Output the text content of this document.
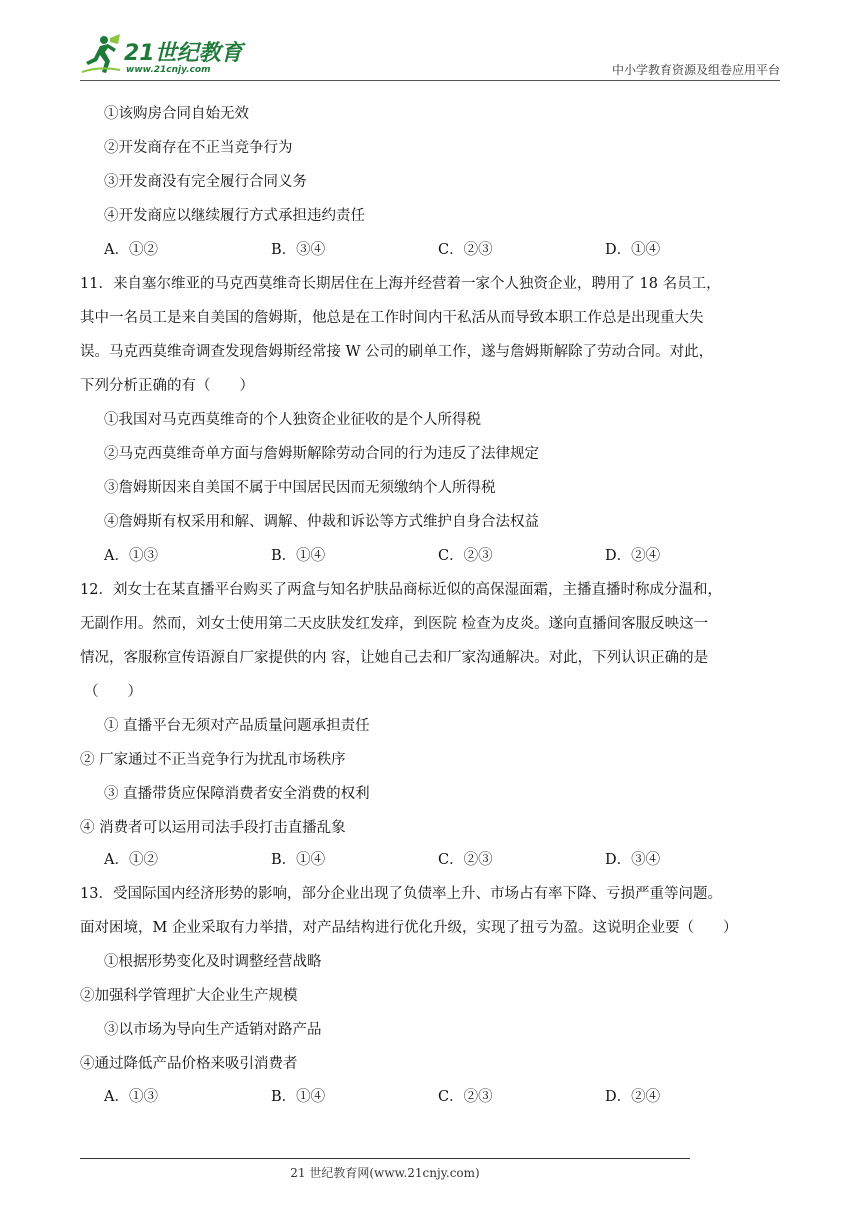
21世纪教育
www.21cnjy.com	中小学教育资源及组卷应用平台
①该购房合同自始无效
②开发商存在不正当竞争行为
③开发商没有完全履行合同义务
④开发商应以继续履行方式承担违约责任
A．①②	B．③④	C．②③	D．①④
11．来自塞尔维亚的马克西莫维奇长期居住在上海并经营着一家个人独资企业，聘用了 18 名员工，
其中一名员工是来自美国的詹姆斯，他总是在工作时间内干私活从而导致本职工作总是出现重大失
误。马克西莫维奇调查发现詹姆斯经常接 W 公司的刷单工作，遂与詹姆斯解除了劳动合同。对此，
下列分析正确的有（　　）
①我国对马克西莫维奇的个人独资企业征收的是个人所得税
②马克西莫维奇单方面与詹姆斯解除劳动合同的行为违反了法律规定
③詹姆斯因来自美国不属于中国居民因而无须缴纳个人所得税
④詹姆斯有权采用和解、调解、仲裁和诉讼等方式维护自身合法权益
A．①③	B．①④	C．②③	D．②④
12．刘女士在某直播平台购买了两盒与知名护肤品商标近似的高保湿面霜，主播直播时称成分温和，
无副作用。然而，刘女士使用第二天皮肤发红发痒，到医院 检查为皮炎。遂向直播间客服反映这一
情况，客服称宣传语源自厂家提供的内 容，让她自己去和厂家沟通解决。对此，下列认识正确的是
（　　）
① 直播平台无须对产品质量问题承担责任
② 厂家通过不正当竞争行为扰乱市场秩序
③ 直播带货应保障消费者安全消费的权利
④ 消费者可以运用司法手段打击直播乱象
A．①②	B．①④	C．②③	D．③④
13．受国际国内经济形势的影响，部分企业出现了负债率上升、市场占有率下降、亏损严重等问题。
面对困境，M 企业采取有力举措，对产品结构进行优化升级，实现了扭亏为盈。这说明企业要（　　）
①根据形势变化及时调整经营战略
②加强科学管理扩大企业生产规模
③以市场为导向生产适销对路产品
④通过降低产品价格来吸引消费者
A．①③	B．①④	C．②③	D．②④
21 世纪教育网(www.21cnjy.com)
